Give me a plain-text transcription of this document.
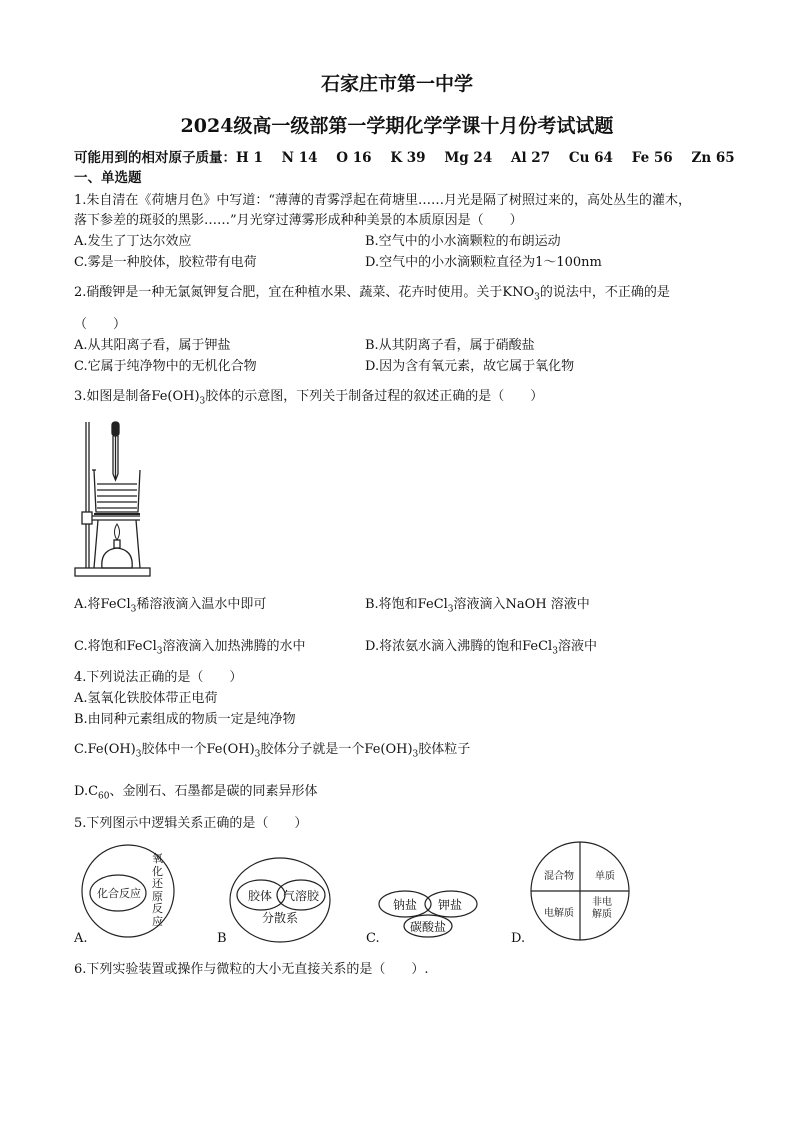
石家庄市第一中学
2024级高一级部第一学期化学学课十月份考试试题
可能用到的相对原子质量：H 1    N 14    O 16    K 39    Mg 24    Al 27    Cu 64    Fe 56    Zn 65
一、单选题
1.朱自清在《荷塘月色》中写道：“薄薄的青雾浮起在荷塘里……月光是隔了树照过来的，高处丛生的灌木，
落下参差的斑驳的黑影……”月光穿过薄雾形成种种美景的本质原因是（　　）
A.发生了丁达尔效应	B.空气中的小水滴颗粒的布朗运动
C.雾是一种胶体，胶粒带有电荷	D.空气中的小水滴颗粒直径为1～100nm
2.硝酸钾是一种无氯氮钾复合肥，宜在种植水果、蔬菜、花卉时使用。关于$KNO_3$的说法中，不正确的是
（　　）
A.从其阳离子看，属于钾盐	B.从其阴离子看，属于硝酸盐
C.它属于纯净物中的无机化合物	D.因为含有氧元素，故它属于氧化物
3.如图是制备$Fe(OH)_3$胶体的示意图，下列关于制备过程的叙述正确的是（　　）
A.将FeCl$_3$稀溶液滴入温水中即可	B.将饱和FeCl$_3$溶液滴入NaOH 溶液中
C.将饱和FeCl$_3$溶液滴入加热沸腾的水中	D.将浓氨水滴入沸腾的饱和FeCl$_3$溶液中
4.下列说法正确的是（　　）
A.氢氧化铁胶体带正电荷
B.由同种元素组成的物质一定是纯净物
$C.Fe(OH)_3$胶体中一个$Fe(OH)_3$胶体分子就是一个$Fe(OH)_3$胶体粒子
$D.C_{60}$、金刚石、石墨都是碳的同素异形体
5.下列图示中逻辑关系正确的是（　　）
化合反应
氧
化
还
原
反
应
A.
胶体 气溶胶
分散系
B
钠盐 钾盐
碳酸盐
C.
混合物 单质
电解质
非电
解质
D.
6.下列实验装置或操作与微粒的大小无直接关系的是（　　）.
